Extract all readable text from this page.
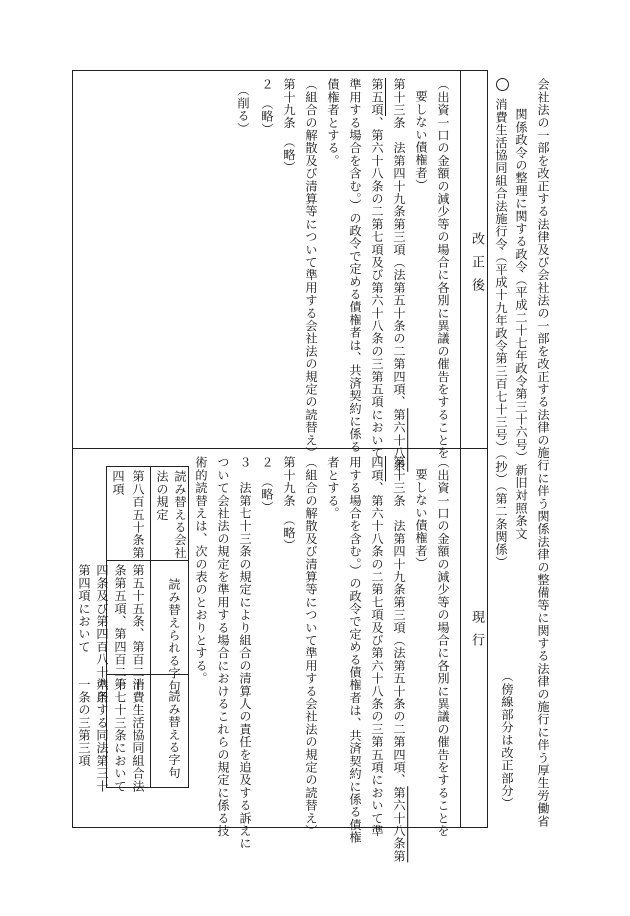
会社法の一部を改正する法律及び会社法の一部を改正する法律の施行に伴う関係法律の整備等に関する法律の施行に伴う厚生労働省
関係政令の整理に関する政令（平成二十七年政令第三十六号）新旧対照条文
（傍線部分は改正部分）
消費生活協同組合法施行令（平成十九年政令第三百七十三号）（抄）（第二条関係）
改正後
現行
（出資一口の金額の減少等の場合に各別に異議の催告をすることを
要しない債権者）
第十三条　法第四十九条第三項（法第五十条の二第四項、第六十八条
第五項、第六十八条の二第七項及び第六十八条の三第五項において
準用する場合を含む。）の政令で定める債権者は、共済契約に係る
債権者とする。
（組合の解散及び清算等について準用する会社法の規定の読替え）
第十九条　（略）
２　（略）
（削る）
（出資一口の金額の減少等の場合に各別に異議の催告をすることを
要しない債権者）
第十三条　法第四十九条第三項（法第五十条の二第四項、第六十八条第
四項、第六十八条の二第七項及び第六十八条の三第五項において準
用する場合を含む。）の政令で定める債権者は、共済契約に係る債権
者とする。
（組合の解散及び清算等について準用する会社法の規定の読替え）
第十九条　（略）
２　（略）
３　法第七十三条の規定により組合の清算人の責任を追及する訴えに
ついて会社法の規定を準用する場合におけるこれらの規定に係る技
術的読替えは、次の表のとおりとする。
読み替える会社
法の規定
読み替えられる字句
読み替える字句
第八百五十条第
四項
第五十五条、第百二十
条第五項、第四百二十
四条及び第四百八十六条
第四項において
消費生活協同組合法
第七十三条において
準用する同法第三十
一条の三第三項
